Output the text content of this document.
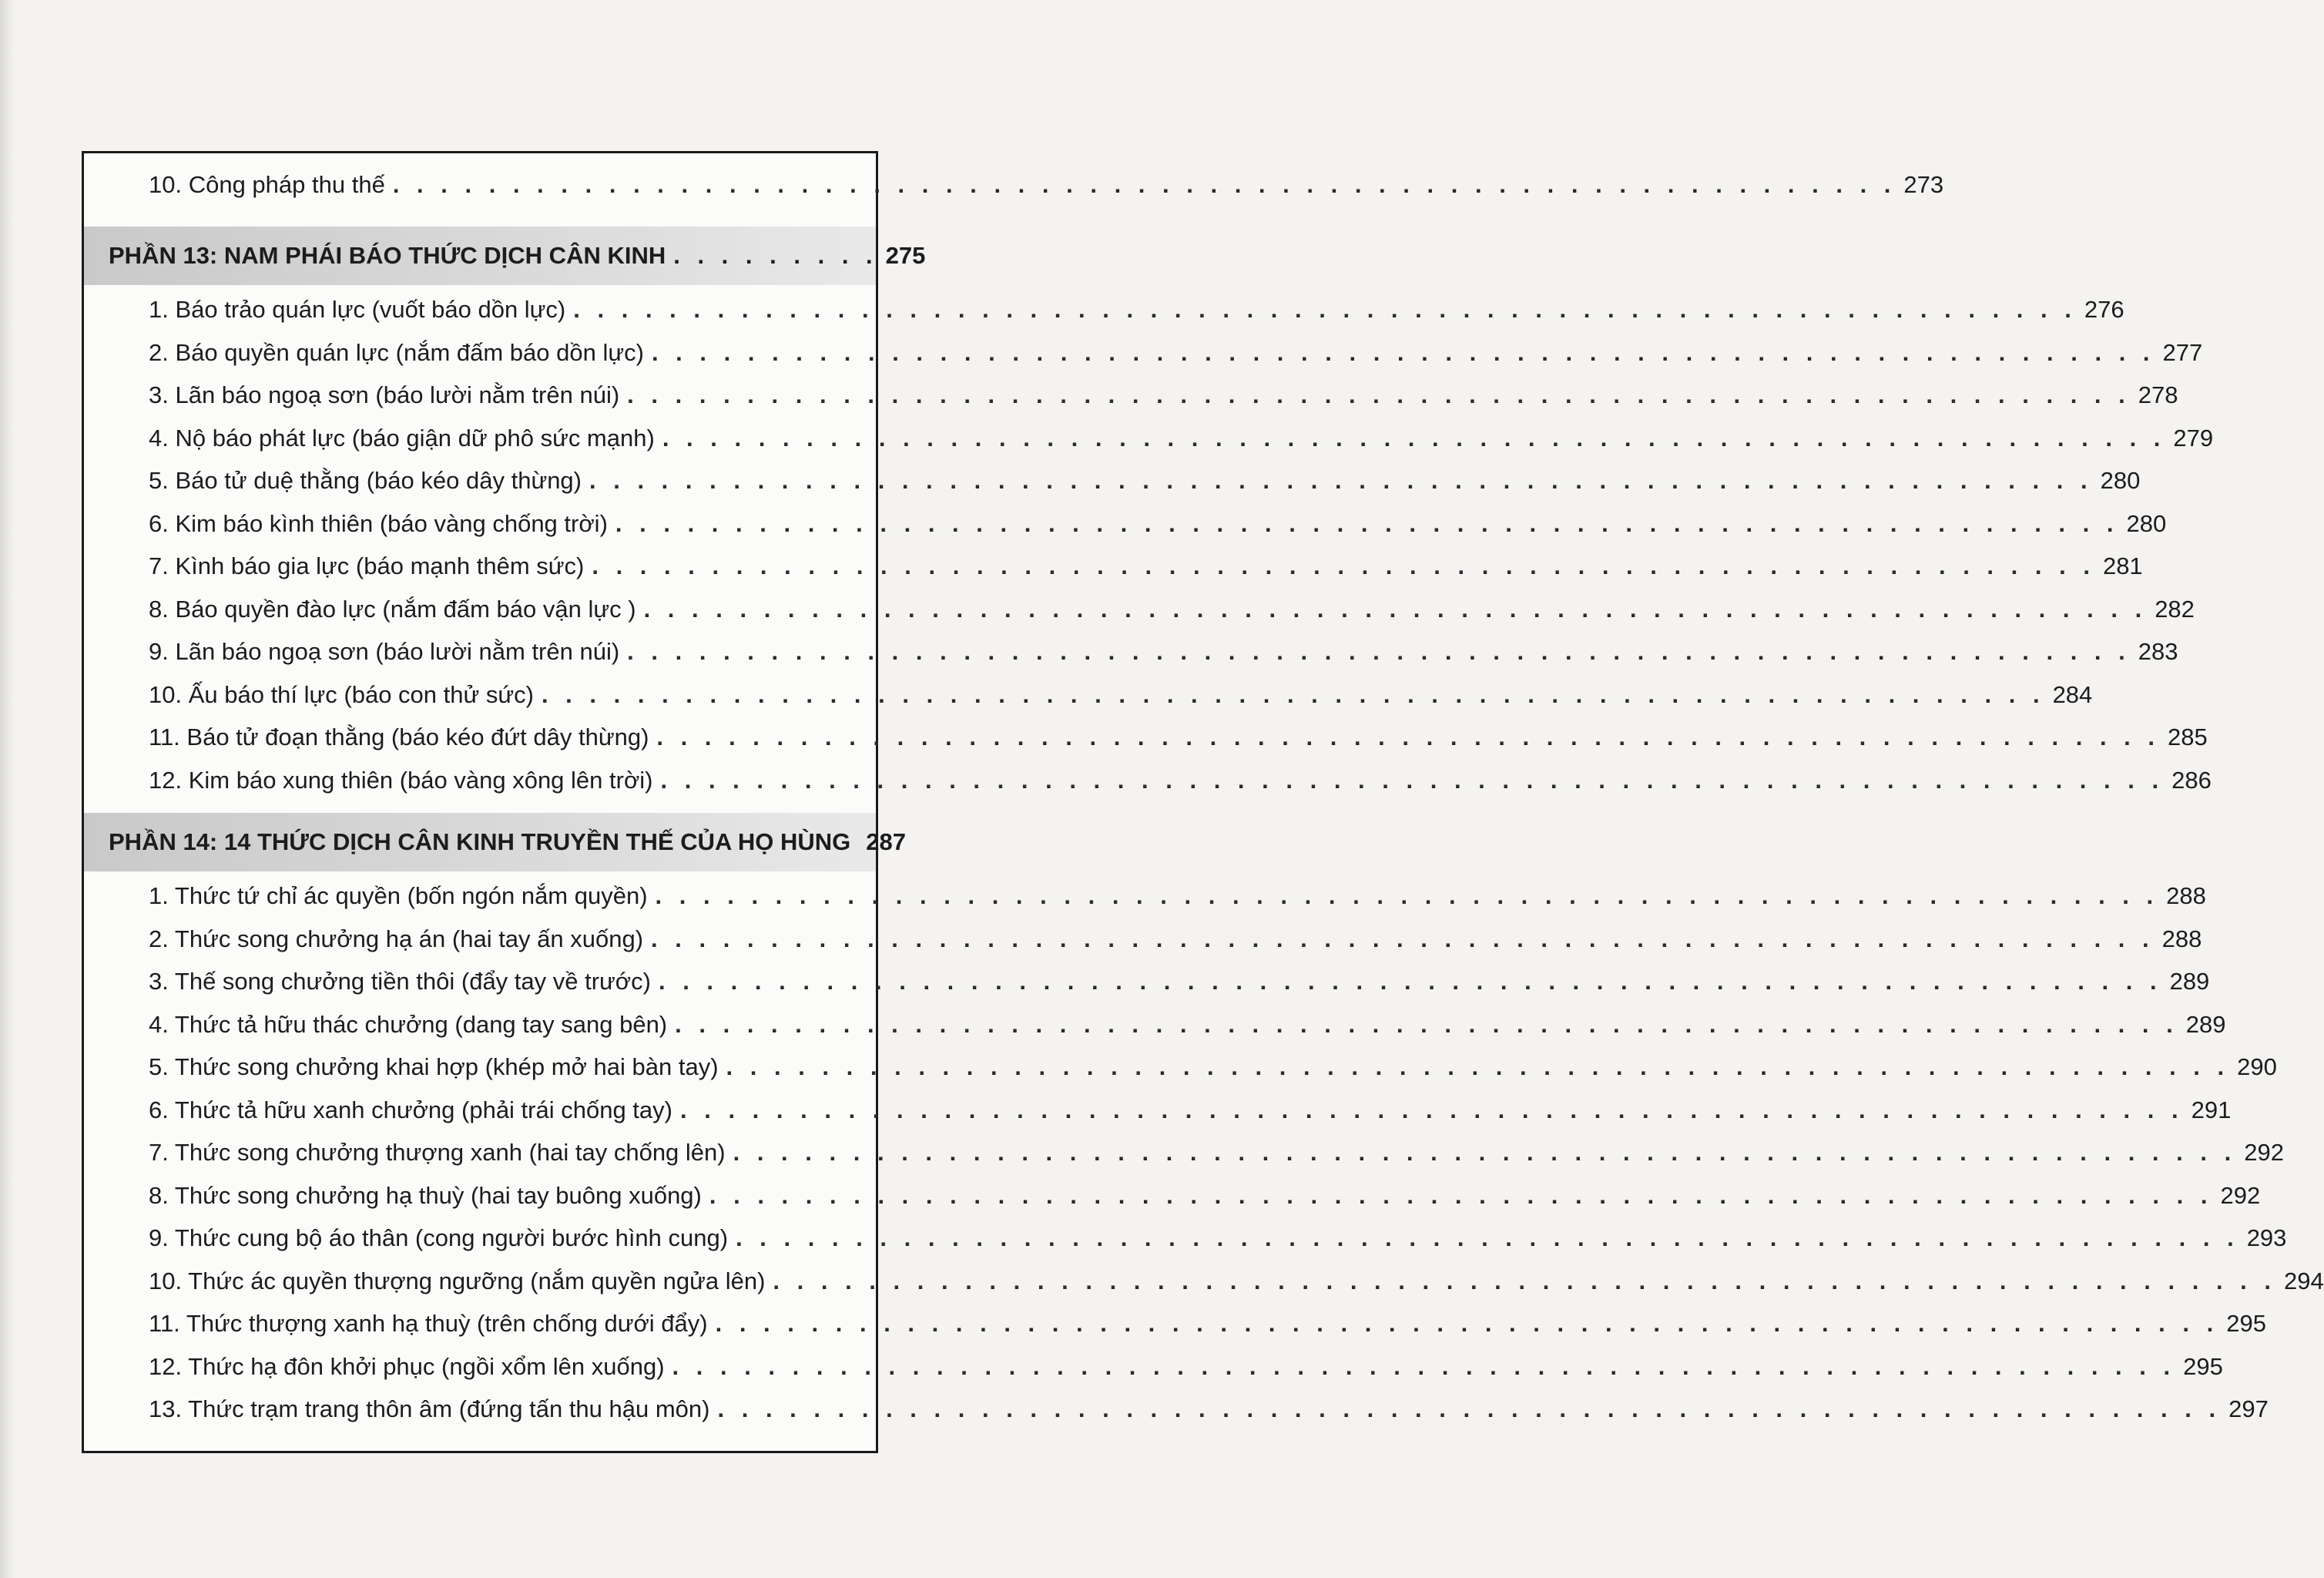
10. Công pháp thu thế . . . . . . . . . . . . . . . . . . . . . . . . . . . . . . . . . . . . . . . . . . . . . . . . . . . . . . . . . . . . . . . 273
PHẦN 13: NAM PHÁI BÁO THỨC DỊCH CÂN KINH . . . . . . . . . 275
1. Báo trảo quán lực (vuốt báo dồn lực) . . . . . . . . . . . . . . . . . . . . . . . . . . . . . . . . . . . . . . . . . . . . . . . . . . . . . . . . . . . . . . . 276
2. Báo quyền quán lực (nắm đấm báo dồn lực) . . . . . . . . . . . . . . . . . . . . . . . . . . . . . . . . . . . . . . . . . . . . . . . . . . . . . . . . . . . . . . . 277
3. Lãn báo ngoạ sơn (báo lười nằm trên núi) . . . . . . . . . . . . . . . . . . . . . . . . . . . . . . . . . . . . . . . . . . . . . . . . . . . . . . . . . . . . . . . 278
4. Nộ báo phát lực (báo giận dữ phô sức mạnh) . . . . . . . . . . . . . . . . . . . . . . . . . . . . . . . . . . . . . . . . . . . . . . . . . . . . . . . . . . . . . . . 279
5. Báo tử duệ thằng (báo kéo dây thừng) . . . . . . . . . . . . . . . . . . . . . . . . . . . . . . . . . . . . . . . . . . . . . . . . . . . . . . . . . . . . . . . 280
6. Kim báo kình thiên (báo vàng chống trời) . . . . . . . . . . . . . . . . . . . . . . . . . . . . . . . . . . . . . . . . . . . . . . . . . . . . . . . . . . . . . . . 280
7. Kình báo gia lực (báo mạnh thêm sức) . . . . . . . . . . . . . . . . . . . . . . . . . . . . . . . . . . . . . . . . . . . . . . . . . . . . . . . . . . . . . . . 281
8. Báo quyền đào lực (nắm đấm báo vận lực ) . . . . . . . . . . . . . . . . . . . . . . . . . . . . . . . . . . . . . . . . . . . . . . . . . . . . . . . . . . . . . . . 282
9. Lãn báo ngoạ sơn (báo lười nằm trên núi) . . . . . . . . . . . . . . . . . . . . . . . . . . . . . . . . . . . . . . . . . . . . . . . . . . . . . . . . . . . . . . . 283
10. Ấu báo thí lực (báo con thử sức) . . . . . . . . . . . . . . . . . . . . . . . . . . . . . . . . . . . . . . . . . . . . . . . . . . . . . . . . . . . . . . . 284
11. Báo tử đoạn thằng (báo kéo đứt dây thừng) . . . . . . . . . . . . . . . . . . . . . . . . . . . . . . . . . . . . . . . . . . . . . . . . . . . . . . . . . . . . . . . 285
12. Kim báo xung thiên (báo vàng xông lên trời) . . . . . . . . . . . . . . . . . . . . . . . . . . . . . . . . . . . . . . . . . . . . . . . . . . . . . . . . . . . . . . . 286
PHẦN 14: 14 THỨC DỊCH CÂN KINH TRUYỀN THẾ CỦA HỌ HÙNG 287
1. Thức tứ chỉ ác quyền (bốn ngón nắm quyền) . . . . . . . . . . . . . . . . . . . . . . . . . . . . . . . . . . . . . . . . . . . . . . . . . . . . . . . . . . . . . . . 288
2. Thức song chưởng hạ án (hai tay ấn xuống) . . . . . . . . . . . . . . . . . . . . . . . . . . . . . . . . . . . . . . . . . . . . . . . . . . . . . . . . . . . . . . . 288
3. Thế song chưởng tiền thôi (đẩy tay về trước) . . . . . . . . . . . . . . . . . . . . . . . . . . . . . . . . . . . . . . . . . . . . . . . . . . . . . . . . . . . . . . . 289
4. Thức tả hữu thác chưởng (dang tay sang bên) . . . . . . . . . . . . . . . . . . . . . . . . . . . . . . . . . . . . . . . . . . . . . . . . . . . . . . . . . . . . . . . 289
5. Thức song chưởng khai hợp (khép mở hai bàn tay) . . . . . . . . . . . . . . . . . . . . . . . . . . . . . . . . . . . . . . . . . . . . . . . . . . . . . . . . . . . . . . . 290
6. Thức tả hữu xanh chưởng (phải trái chống tay) . . . . . . . . . . . . . . . . . . . . . . . . . . . . . . . . . . . . . . . . . . . . . . . . . . . . . . . . . . . . . . . 291
7. Thức song chưởng thượng xanh (hai tay chống lên) . . . . . . . . . . . . . . . . . . . . . . . . . . . . . . . . . . . . . . . . . . . . . . . . . . . . . . . . . . . . . . . 292
8. Thức song chưởng hạ thuỳ (hai tay buông xuống) . . . . . . . . . . . . . . . . . . . . . . . . . . . . . . . . . . . . . . . . . . . . . . . . . . . . . . . . . . . . . . . 292
9. Thức cung bộ áo thân (cong người bước hình cung) . . . . . . . . . . . . . . . . . . . . . . . . . . . . . . . . . . . . . . . . . . . . . . . . . . . . . . . . . . . . . . . 293
10. Thức ác quyền thượng ngưỡng (nắm quyền ngửa lên) . . . . . . . . . . . . . . . . . . . . . . . . . . . . . . . . . . . . . . . . . . . . . . . . . . . . . . . . . . . . . . . 294
11. Thức thượng xanh hạ thuỳ (trên chống dưới đẩy) . . . . . . . . . . . . . . . . . . . . . . . . . . . . . . . . . . . . . . . . . . . . . . . . . . . . . . . . . . . . . . . 295
12. Thức hạ đôn khởi phục (ngồi xổm lên xuống) . . . . . . . . . . . . . . . . . . . . . . . . . . . . . . . . . . . . . . . . . . . . . . . . . . . . . . . . . . . . . . . 295
13. Thức trạm trang thôn âm (đứng tấn thu hậu môn) . . . . . . . . . . . . . . . . . . . . . . . . . . . . . . . . . . . . . . . . . . . . . . . . . . . . . . . . . . . . . . . 297
